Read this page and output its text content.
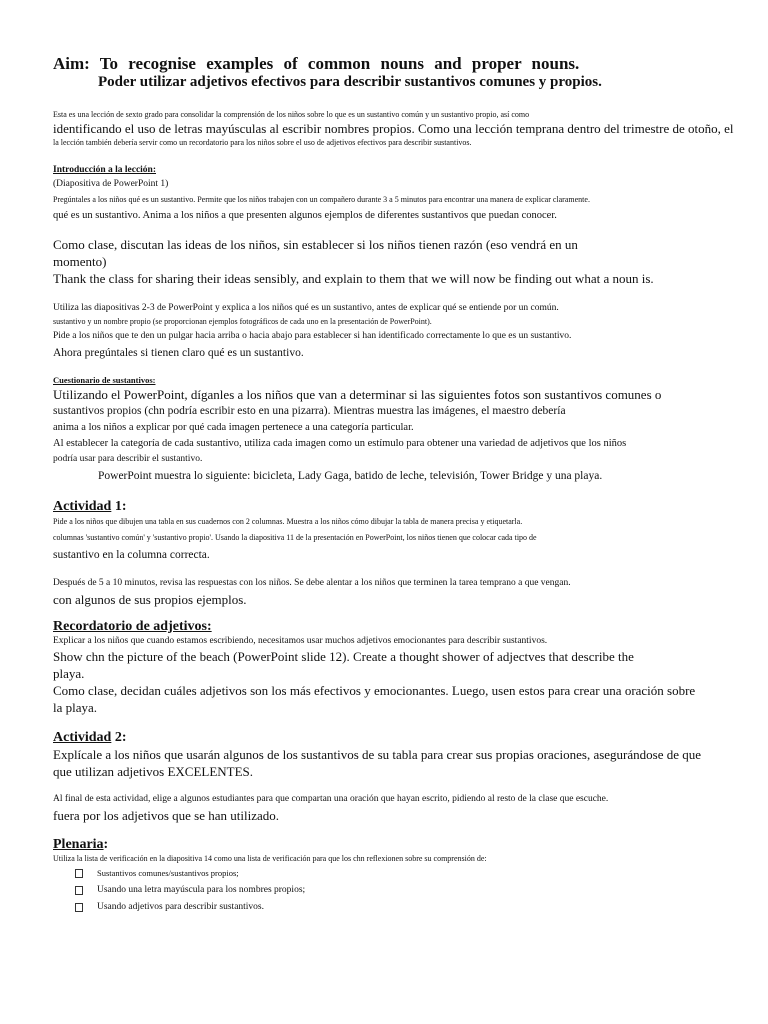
Aim: To recognise examples of common nouns and proper nouns.
Poder utilizar adjetivos efectivos para describir sustantivos comunes y propios.

Esta es una lección de sexto grado para consolidar la comprensión de los niños sobre lo que es un sustantivo común y un sustantivo propio, así como

identificando el uso de letras mayúsculas al escribir nombres propios. Como una lección temprana dentro del trimestre de otoño, el

la lección también debería servir como un recordatorio para los niños sobre el uso de adjetivos efectivos para describir sustantivos.

Introducción a la lección:

(Diapositiva de PowerPoint 1)

Pregúntales a los niños qué es un sustantivo. Permite que los niños trabajen con un compañero durante 3 a 5 minutos para encontrar una manera de explicar claramente.

qué es un sustantivo. Anima a los niños a que presenten algunos ejemplos de diferentes sustantivos que puedan conocer.

Como clase, discutan las ideas de los niños, sin establecer si los niños tienen razón (eso vendrá en un

momento)

Thank the class for sharing their ideas sensibly, and explain to them that we will now be finding out what a noun is.

Utiliza las diapositivas 2-3 de PowerPoint y explica a los niños qué es un sustantivo, antes de explicar qué se entiende por un común.

sustantivo y un nombre propio (se proporcionan ejemplos fotográficos de cada uno en la presentación de PowerPoint).

Pide a los niños que te den un pulgar hacia arriba o hacia abajo para establecer si han identificado correctamente lo que es un sustantivo.

Ahora pregúntales si tienen claro qué es un sustantivo.

Cuestionario de sustantivos:

Utilizando el PowerPoint, díganles a los niños que van a determinar si las siguientes fotos son sustantivos comunes o

sustantivos propios (chn podría escribir esto en una pizarra). Mientras muestra las imágenes, el maestro debería

anima a los niños a explicar por qué cada imagen pertenece a una categoría particular.

Al establecer la categoría de cada sustantivo, utiliza cada imagen como un estímulo para obtener una variedad de adjetivos que los niños

podría usar para describir el sustantivo.

PowerPoint muestra lo siguiente: bicicleta, Lady Gaga, batido de leche, televisión, Tower Bridge y una playa.

Actividad 1:

Pide a los niños que dibujen una tabla en sus cuadernos con 2 columnas. Muestra a los niños cómo dibujar la tabla de manera precisa y etiquetarla.

columnas 'sustantivo común' y 'sustantivo propio'. Usando la diapositiva 11 de la presentación en PowerPoint, los niños tienen que colocar cada tipo de

sustantivo en la columna correcta.

Después de 5 a 10 minutos, revisa las respuestas con los niños. Se debe alentar a los niños que terminen la tarea temprano a que vengan.

con algunos de sus propios ejemplos.

Recordatorio de adjetivos:

Explicar a los niños que cuando estamos escribiendo, necesitamos usar muchos adjetivos emocionantes para describir sustantivos.

Show chn the picture of the beach (PowerPoint slide 12). Create a thought shower of adjectves that describe the

playa.

Como clase, decidan cuáles adjetivos son los más efectivos y emocionantes. Luego, usen estos para crear una oración sobre

la playa.

Actividad 2:

Explícale a los niños que usarán algunos de los sustantivos de su tabla para crear sus propias oraciones, asegurándose de que

que utilizan adjetivos EXCELENTES.

Al final de esta actividad, elige a algunos estudiantes para que compartan una oración que hayan escrito, pidiendo al resto de la clase que escuche.

fuera por los adjetivos que se han utilizado.

Plenaria:

Utiliza la lista de verificación en la diapositiva 14 como una lista de verificación para que los chn reflexionen sobre su comprensión de:

Sustantivos comunes/sustantivos propios;
Usando una letra mayúscula para los nombres propios;
Usando adjetivos para describir sustantivos.
